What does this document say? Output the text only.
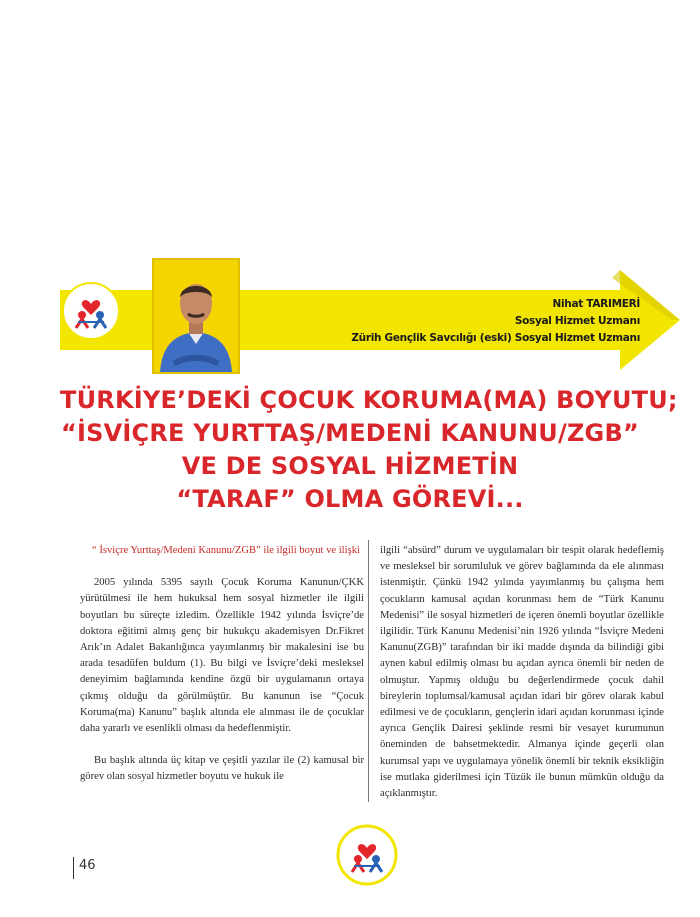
Nihat TARIMERİ
Sosyal Hizmet Uzmanı
Zürih Gençlik Savcılığı (eski) Sosyal Hizmet Uzmanı
TÜRKİYE’DEKİ ÇOCUK KORUMA(MA) BOYUTU;
“İSVİÇRE YURTTAŞ/MEDENİ KANUNU/ZGB”
VE DE SOSYAL HİZMETİN
“TARAF” OLMA GÖREVİ...
“ İsviçre Yurttaş/Medeni Kanunu/ZGB” ile ilgili boyut ve ilişki

2005 yılında 5395 sayılı Çocuk Koruma Kanunun/ÇKK yürütülmesi ile hem hukuksal hem sosyal hizmetler ile ilgili boyutları bu süreçte izledim. Özellikle 1942 yılında İsviçre’de doktora eğitimi almış genç bir hukukçu akademisyen Dr.Fikret Arık’ın Adalet Bakanlığınca yayımlanmış bir makalesini ise bu arada tesadüfen buldum (1). Bu bilgi ve İsviçre’deki mesleksel deneyimim bağlamında kendine özgü bir uygulamanın ortaya çıkmış olduğu da görülmüştür. Bu kanunun ise “Çocuk Koruma(ma) Kanunu” başlık altında ele alınması ile de çocuklar daha yararlı ve esenlikli olması da hedeflenmiştir.

Bu başlık altında üç kitap ve çeşitli yazılar ile (2) kamusal bir görev olan sosyal hizmetler boyutu ve hukuk ile

ilgili “absürd” durum ve uygulamaları bir tespit olarak hedeflemiş ve mesleksel bir sorumluluk ve görev bağlamında da ele alınması istenmiştir. Çünkü 1942 yılında yayımlanmış bu çalışma hem çocukların kamusal açıdan korunması hem de “Türk Kanunu Medenisi” ile sosyal hizmetleri de içeren önemli boyutlar özellikle ilgilidir. Türk Kanunu Medenisi’nin 1926 yılında “İsviçre Medeni Kanunu(ZGB)” tarafından bir iki madde dışında da bilindiği gibi aynen kabul edilmiş olması bu açıdan ayrıca önemli bir neden de olmuştur. Yapmış olduğu bu değerlendirmede çocuk dahil bireylerin toplumsal/kamusal açıdan idari bir görev olarak kabul edilmesi ve de çocukların, gençlerin idari açıdan korunması içinde ayrıca Gençlik Dairesi şeklinde resmi bir vesayet kurumunun öneminden de bahsetmektedir. Almanya içinde geçerli olan kurumsal yapı ve uygulamaya yönelik önemli bir teknik eksikliğin ise mutlaka giderilmesi için Tüzük ile bunun mümkün olduğu da açıklanmıştır.

46
